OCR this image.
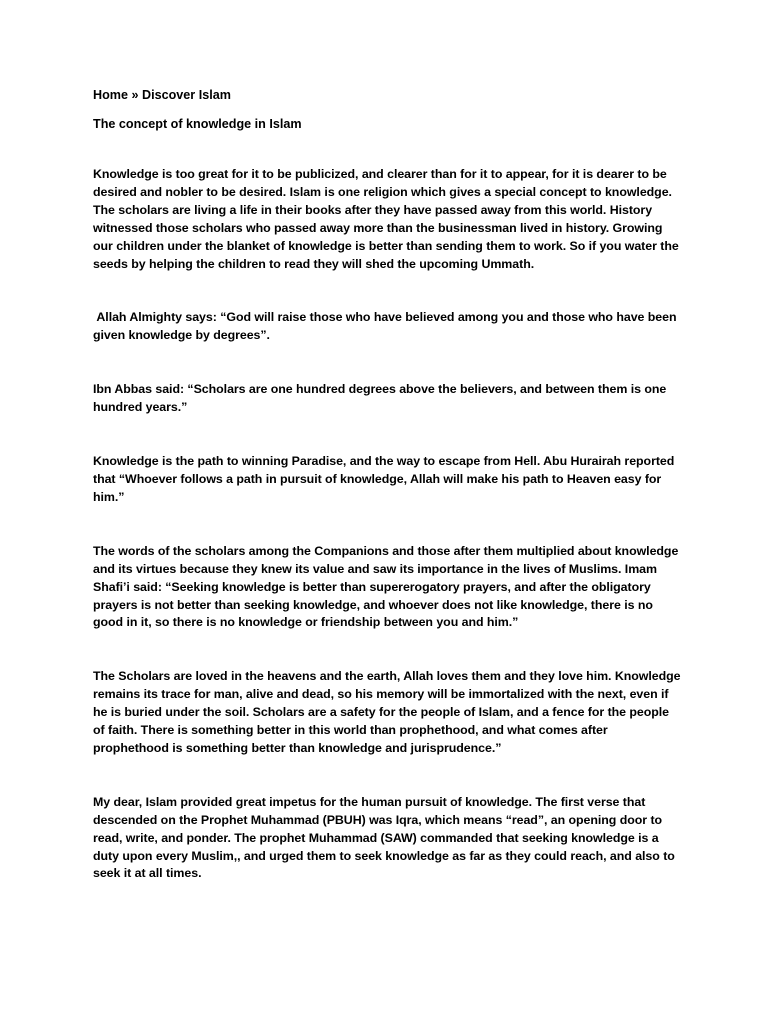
Home » Discover Islam
The concept of knowledge in Islam

Knowledge is too great for it to be publicized, and clearer than for it to appear, for it is dearer to be desired and nobler to be desired. Islam is one religion which gives a special concept to knowledge. The scholars are living a life in their books after they have passed away from this world. History witnessed those scholars who passed away more than the businessman lived in history. Growing our children under the blanket of knowledge is better than sending them to work. So if you water the seeds by helping the children to read they will shed the upcoming Ummath.

Allah Almighty says: “God will raise those who have believed among you and those who have been given knowledge by degrees”.

Ibn Abbas said: “Scholars are one hundred degrees above the believers, and between them is one hundred years.”

Knowledge is the path to winning Paradise, and the way to escape from Hell. Abu Hurairah reported that “Whoever follows a path in pursuit of knowledge, Allah will make his path to Heaven easy for him.”

The words of the scholars among the Companions and those after them multiplied about knowledge and its virtues because they knew its value and saw its importance in the lives of Muslims. Imam Shafi’i said: “Seeking knowledge is better than supererogatory prayers, and after the obligatory prayers is not better than seeking knowledge, and whoever does not like knowledge, there is no good in it, so there is no knowledge or friendship between you and him.”

The Scholars are loved in the heavens and the earth, Allah loves them and they love him. Knowledge remains its trace for man, alive and dead, so his memory will be immortalized with the next, even if he is buried under the soil. Scholars are a safety for the people of Islam, and a fence for the people of faith. There is something better in this world than prophethood, and what comes after prophethood is something better than knowledge and jurisprudence.”

My dear, Islam provided great impetus for the human pursuit of knowledge. The first verse that descended on the Prophet Muhammad (PBUH) was Iqra, which means “read”, an opening door to read, write, and ponder. The prophet Muhammad (SAW) commanded that seeking knowledge is a duty upon every Muslim,, and urged them to seek knowledge as far as they could reach, and also to seek it at all times.
